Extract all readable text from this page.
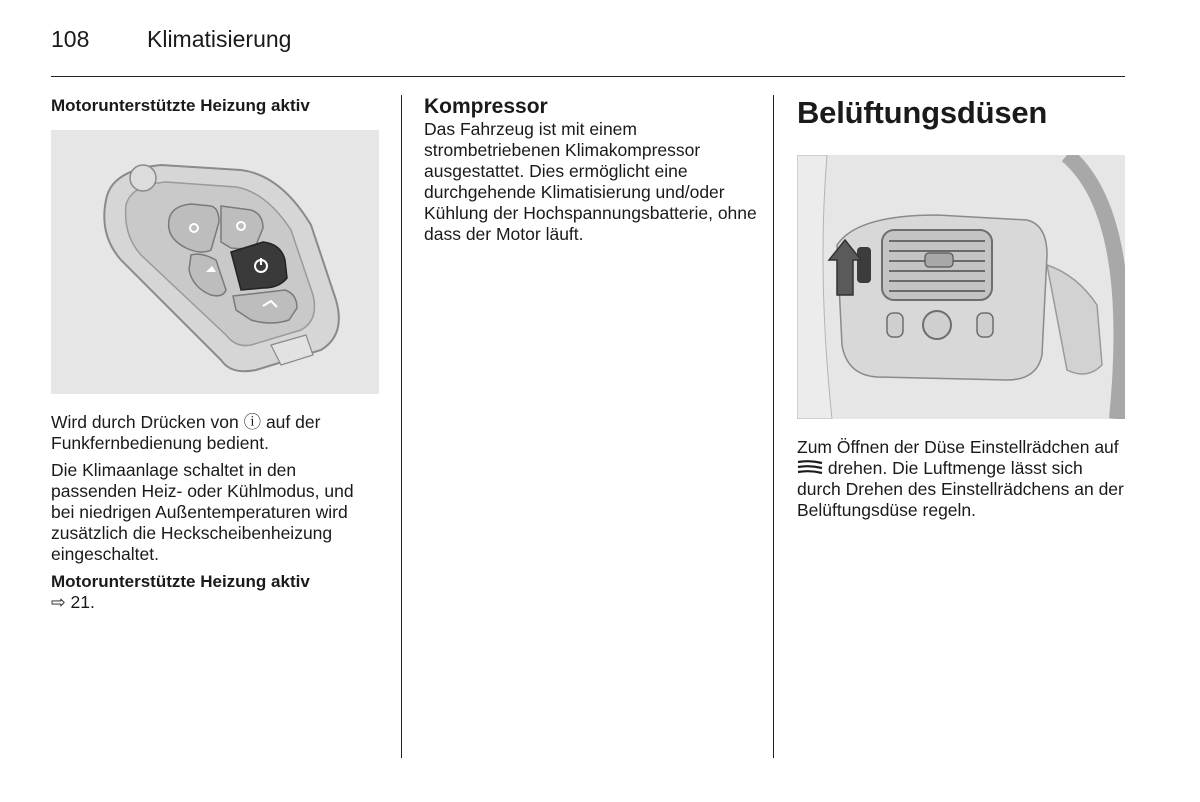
108	Klimatisierung
Motorunterstützte Heizung aktiv

Wird durch Drücken von ⓘ auf der Funkfernbedienung bedient.

Die Klimaanlage schaltet in den passenden Heiz- oder Kühlmodus, und bei niedrigen Außentemperaturen wird zusätzlich die Heckscheibenheizung eingeschaltet.

Motorunterstützte Heizung aktiv

⇨ 21.

Kompressor

Das Fahrzeug ist mit einem strombetriebenen Klimakompressor ausgestattet. Dies ermöglicht eine durchgehende Klimatisierung und/oder Kühlung der Hochspannungsbatterie, ohne dass der Motor läuft.

Belüftungsdüsen

Zum Öffnen der Düse Einstellrädchen auf  drehen. Die Luftmenge lässt sich durch Drehen des Einstellrädchens an der Belüftungsdüse regeln.
